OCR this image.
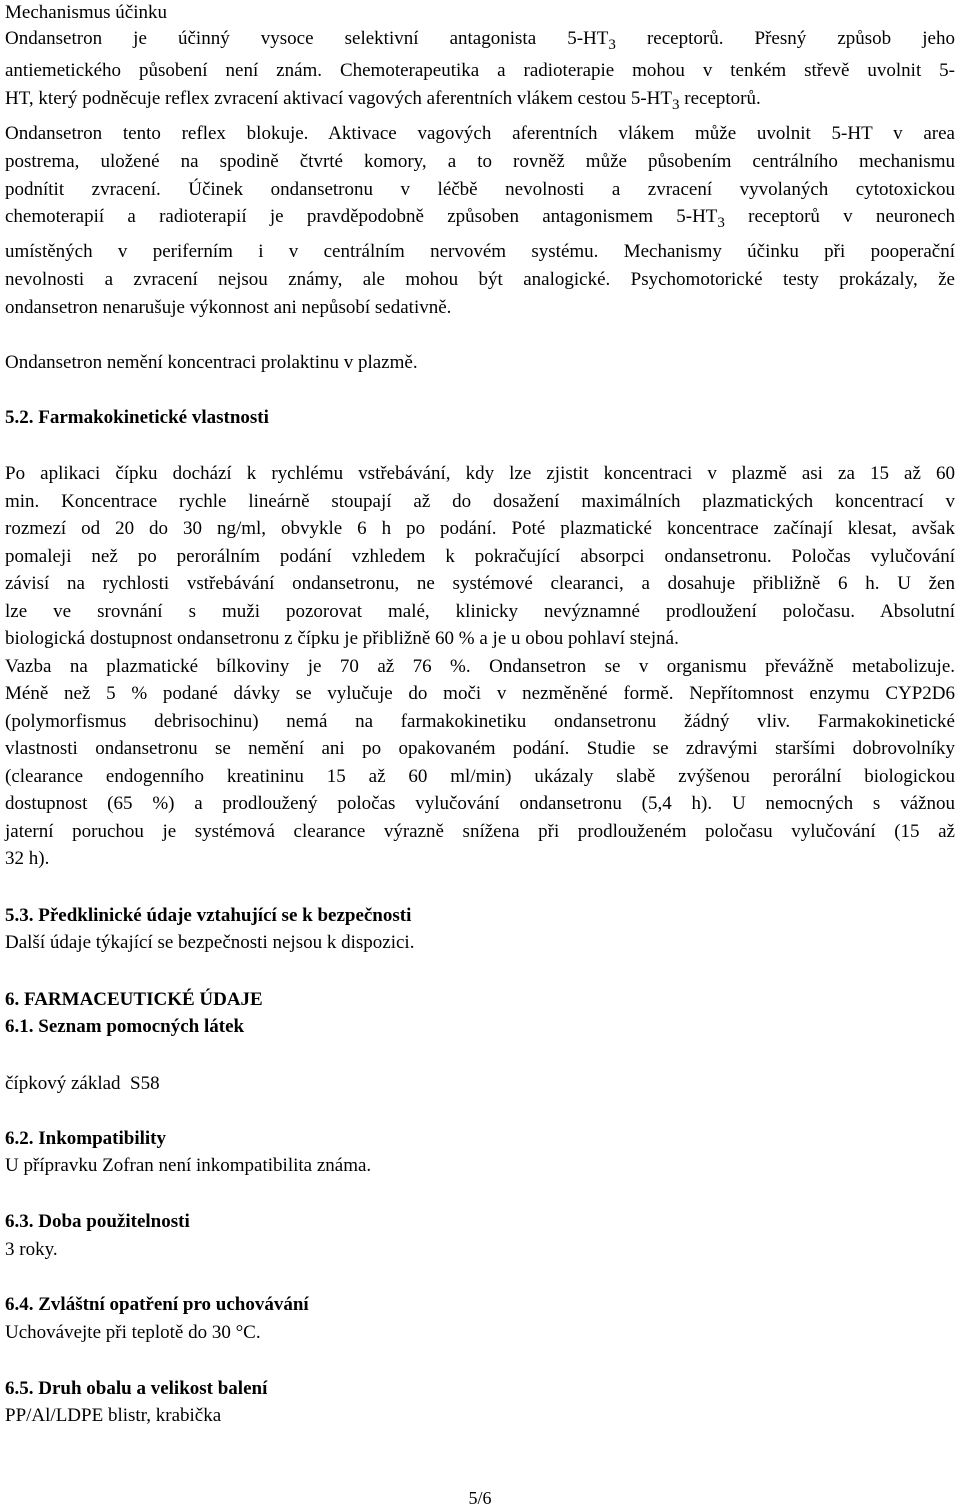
Mechanismus účinku
Ondansetron je účinný vysoce selektivní antagonista $5-HT_3$ receptorů. Přesný způsob jeho
antiemetického působení není znám. Chemoterapeutika a radioterapie mohou v tenkém střevě uvolnit 5-
HT, který podněcuje reflex zvracení aktivací vagových aferentních vlákem cestou $5-HT_3$ receptorů.
Ondansetron tento reflex blokuje. Aktivace vagových aferentních vlákem může uvolnit 5-HT v area
postrema, uložené na spodině čtvrté komory, a to rovněž může působením centrálního mechanismu
podnítit zvracení. Účinek ondansetronu v léčbě nevolnosti a zvracení vyvolaných cytotoxickou
chemoterapií a radioterapií je pravděpodobně způsoben antagonismem $5-HT_3$ receptorů v neuronech
umístěných v periferním i v centrálním nervovém systému. Mechanismy účinku při pooperační
nevolnosti a zvracení nejsou známy, ale mohou být analogické. Psychomotorické testy prokázaly, že
ondansetron nenarušuje výkonnost ani nepůsobí sedativně.
Ondansetron nemění koncentraci prolaktinu v plazmě.
5.2. Farmakokinetické vlastnosti
Po aplikaci čípku dochází k rychlému vstřebávání, kdy lze zjistit koncentraci v plazmě asi za 15 až 60
min. Koncentrace rychle lineárně stoupají až do dosažení maximálních plazmatických koncentrací v
rozmezí od 20 do 30 ng/ml, obvykle 6 h po podání. Poté plazmatické koncentrace začínají klesat, avšak
pomaleji než po perorálním podání vzhledem k pokračující absorpci ondansetronu. Poločas vylučování
závisí na rychlosti vstřebávání ondansetronu, ne systémové clearanci, a dosahuje přibližně 6 h. U žen
lze ve srovnání s muži pozorovat malé, klinicky nevýznamné prodloužení poločasu. Absolutní
biologická dostupnost ondansetronu z čípku je přibližně 60 % a je u obou pohlaví stejná.
Vazba na plazmatické bílkoviny je 70 až 76 %. Ondansetron se v organismu převážně metabolizuje.
Méně než 5 % podané dávky se vylučuje do moči v nezměněné formě. Nepřítomnost enzymu CYP2D6
(polymorfismus debrisochinu) nemá na farmakokinetiku ondansetronu žádný vliv. Farmakokinetické
vlastnosti ondansetronu se nemění ani po opakovaném podání. Studie se zdravými staršími dobrovolníky
(clearance endogenního kreatininu 15 až 60 ml/min) ukázaly slabě zvýšenou perorální biologickou
dostupnost (65 %) a prodloužený poločas vylučování ondansetronu (5,4 h). U nemocných s vážnou
jaterní poruchou je systémová clearance výrazně snížena při prodlouženém poločasu vylučování (15 až
32 h).
5.3. Předklinické údaje vztahující se k bezpečnosti
Další údaje týkající se bezpečnosti nejsou k dispozici.
6. FARMACEUTICKÉ ÚDAJE
6.1. Seznam pomocných látek
čípkový základ  S58
6.2. Inkompatibility
U přípravku Zofran není inkompatibilita známa.
6.3. Doba použitelnosti
3 roky.
6.4. Zvláštní opatření pro uchovávání
Uchovávejte při teplotě do 30 °C.
6.5. Druh obalu a velikost balení
PP/Al/LDPE blistr, krabička
5/6
